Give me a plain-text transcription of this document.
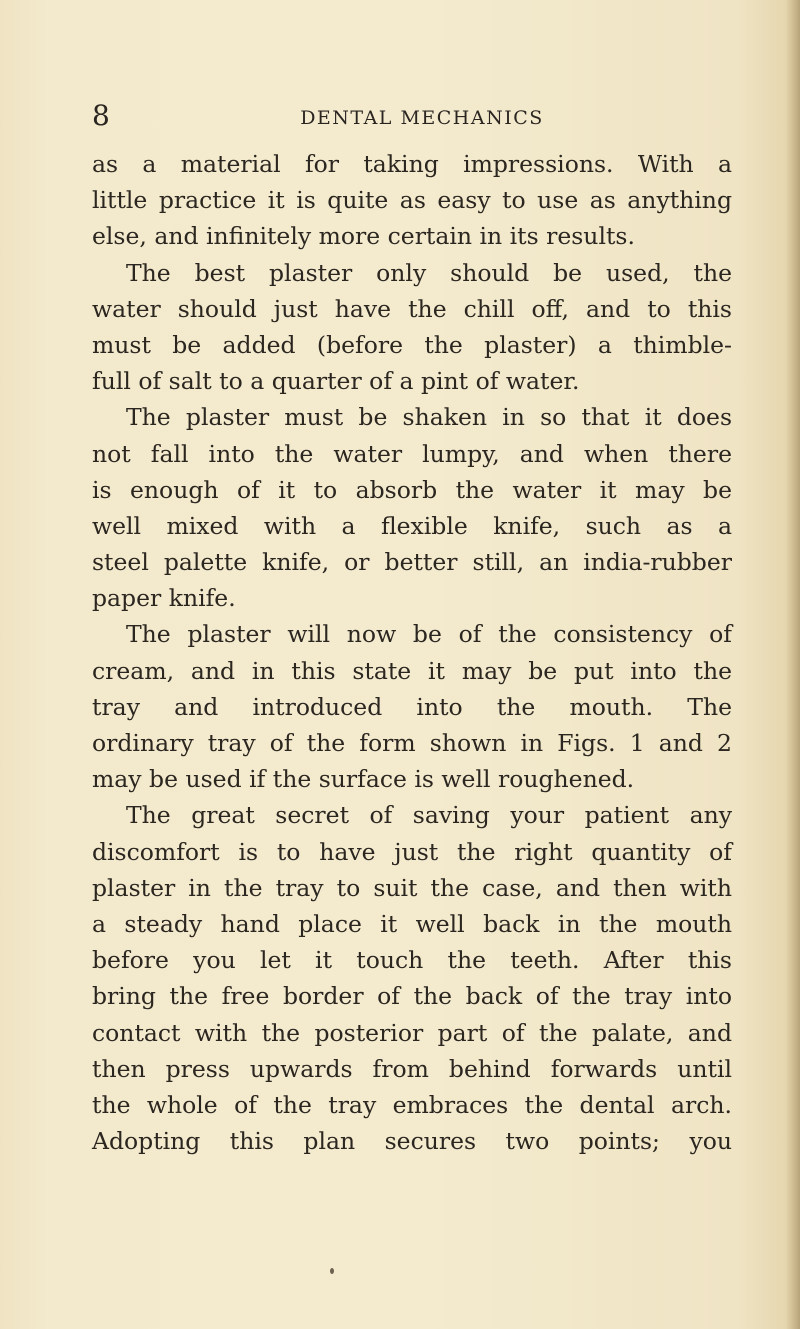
8	DENTAL MECHANICS
as a material for taking impressions. With a
little practice it is quite as easy to use as anything
else, and infinitely more certain in its results.
The best plaster only should be used, the
water should just have the chill off, and to this
must be added (before the plaster) a thimble-
full of salt to a quarter of a pint of water.
The plaster must be shaken in so that it does
not fall into the water lumpy, and when there
is enough of it to absorb the water it may be
well mixed with a flexible knife, such as a
steel palette knife, or better still, an india-rubber
paper knife.
The plaster will now be of the consistency of
cream, and in this state it may be put into the
tray and introduced into the mouth. The
ordinary tray of the form shown in Figs. 1 and 2
may be used if the surface is well roughened.
The great secret of saving your patient any
discomfort is to have just the right quantity of
plaster in the tray to suit the case, and then with
a steady hand place it well back in the mouth
before you let it touch the teeth. After this
bring the free border of the back of the tray into
contact with the posterior part of the palate, and
then press upwards from behind forwards until
the whole of the tray embraces the dental arch.
Adopting this plan secures two points; you
